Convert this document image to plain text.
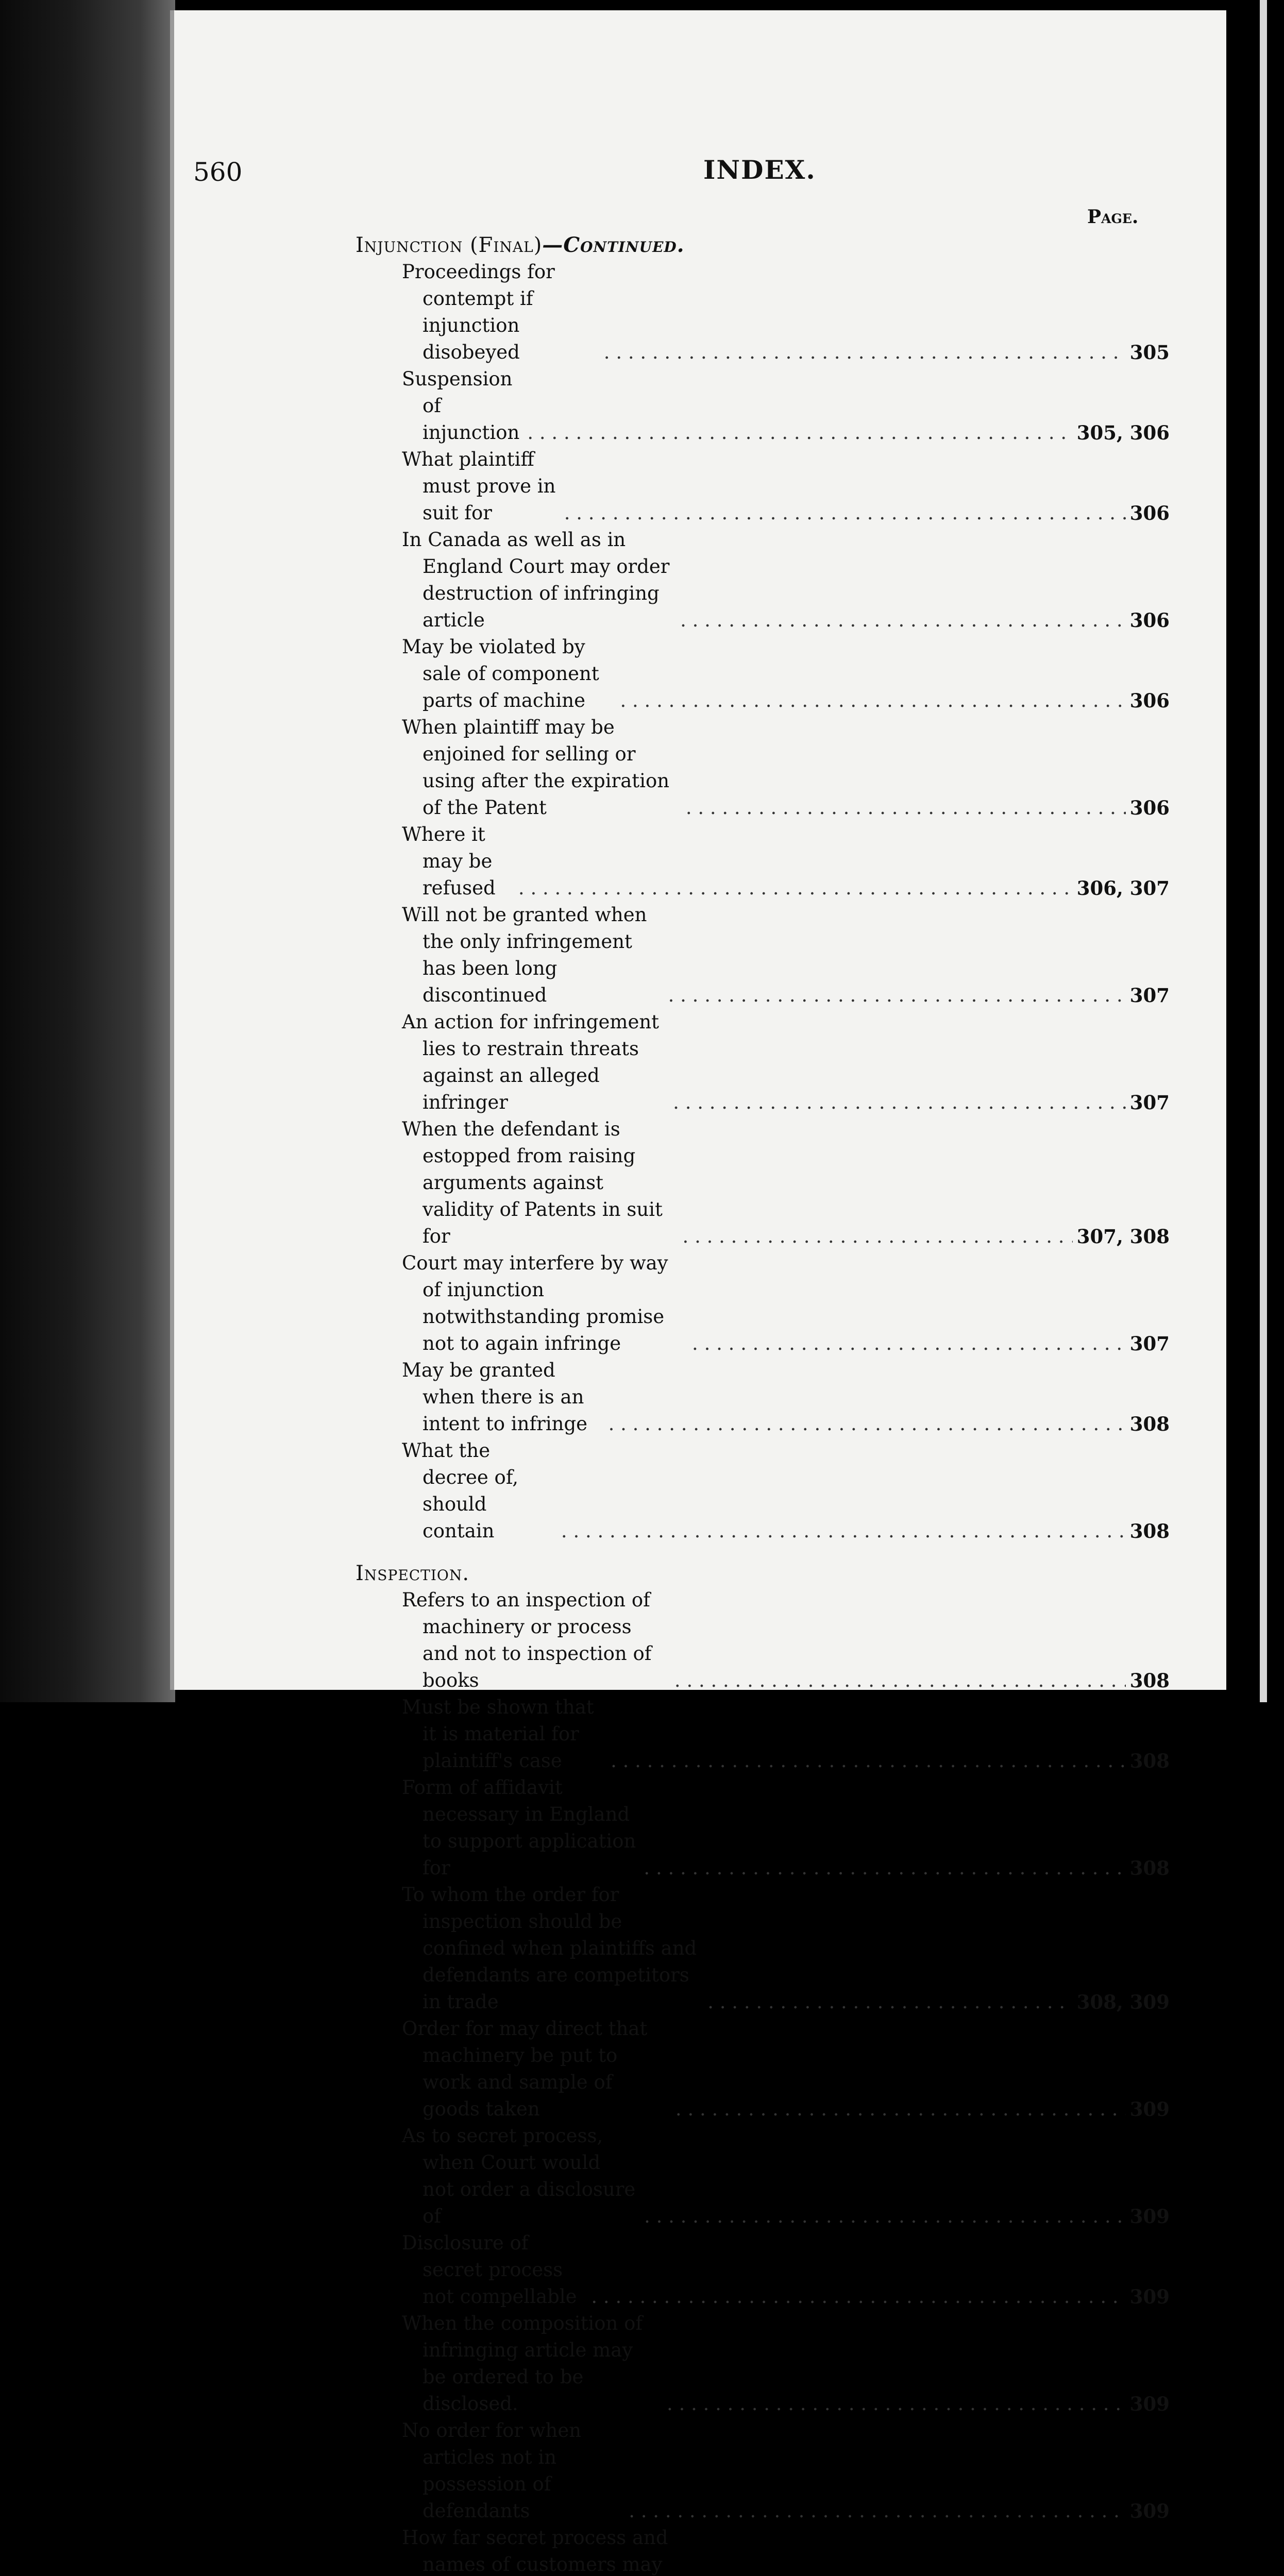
560	INDEX.
Page.
Injunction (Final)—Continued.
Proceedings for contempt if injunction disobeyed . . .	305
Suspension of injunction . . .	305, 306
What plaintiff must prove in suit for . . .	306
In Canada as well as in England Court may order destruction of infringing article . . .	306
May be violated by sale of component parts of machine . . .	306
When plaintiff may be enjoined for selling or using after the expiration of the Patent . . .	306
Where it may be refused . . .	306, 307
Will not be granted when the only infringement has been long discontinued . . .	307
An action for infringement lies to restrain threats against an alleged infringer . . .	307
When the defendant is estopped from raising arguments against validity of Patents in suit for . . .	307, 308
Court may interfere by way of injunction notwithstanding promise not to again infringe . . .	307
May be granted when there is an intent to infringe . . .	308
What the decree of, should contain . . .	308
Inspection.
Refers to an inspection of machinery or process and not to inspection of books . . .	308
Must be shown that it is material for plaintiff's case . . .	308
Form of affidavit necessary in England to support application for . . .	308
To whom the order for inspection should be confined when plaintiffs and defendants are competitors in trade . . .	308, 309
Order for may direct that machinery be put to work and sample of goods taken . . .	309
As to secret process, when Court would not order a disclosure of . . .	309
Disclosure of secret process not compellable . . .	309
When the composition of infringing article may be ordered to be disclosed. . . .	309
No order for when articles not in possession of defendants . . .	309
How far secret process and names of customers may
